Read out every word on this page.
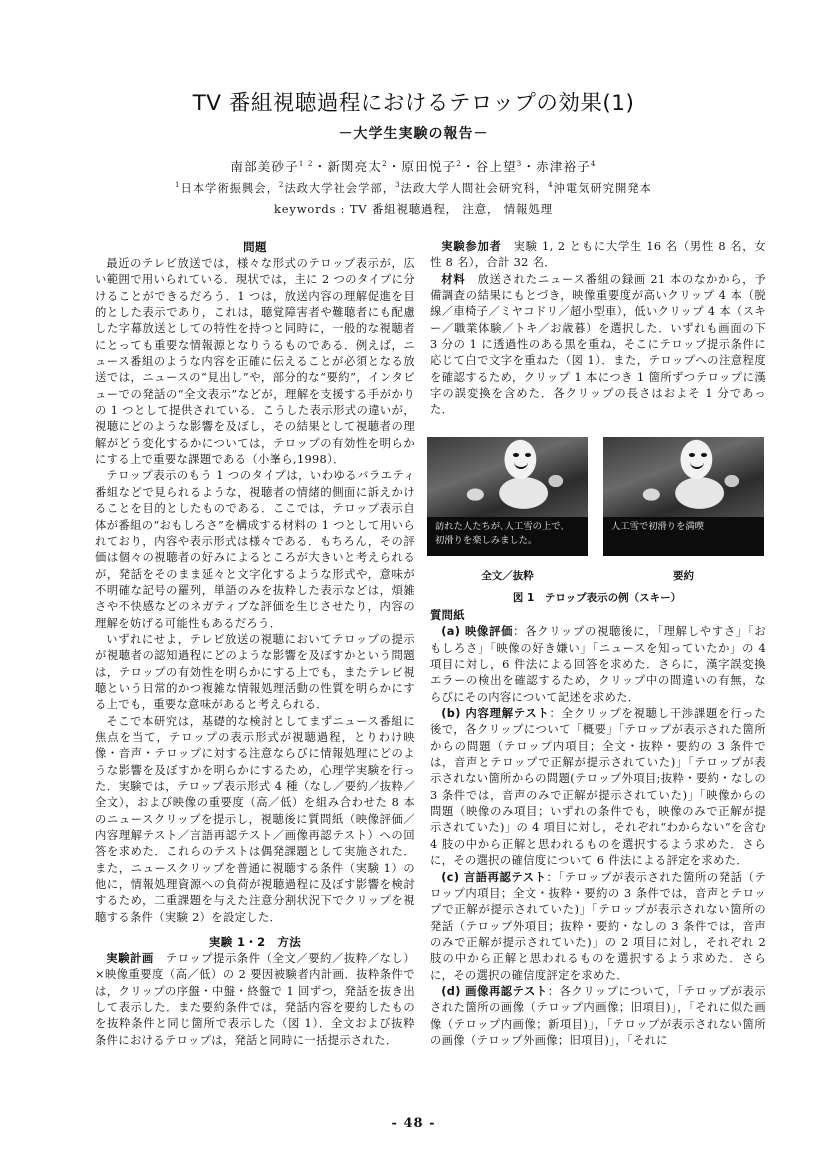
TV 番組視聴過程におけるテロップの効果(1)
－大学生実験の報告－
南部美砂子$^{1 2}$・新関亮太$^2$・原田悦子$^2$・谷上望$^3$・赤津裕子$^4$
$^1$日本学術振興会，$^2$法政大学社会学部，$^3$法政大学人間社会研究科，$^4$沖電気研究開発本
keywords : TV 番組視聴過程， 注意， 情報処理
問題

最近のテレビ放送では，様々な形式のテロップ表示が，広い範囲で用いられている．現状では，主に 2 つのタイプに分けることができるだろう．1 つは，放送内容の理解促進を目的とした表示であり，これは，聴覚障害者や難聴者にも配慮した字幕放送としての特性を持つと同時に，一般的な視聴者にとっても重要な情報源となりうるものである．例えば，ニュース番組のような内容を正確に伝えることが必須となる放送では，ニュースの“見出し”や，部分的な“要約”，インタビューでの発話の“全文表示”などが，理解を支援する手がかりの 1 つとして提供されている．こうした表示形式の違いが，視聴にどのような影響を及ぼし，その結果として視聴者の理解がどう変化するかについては，テロップの有効性を明らかにする上で重要な課題である（小峯ら,1998）．

テロップ表示のもう 1 つのタイプは，いわゆるバラエティ番組などで見られるような，視聴者の情緒的側面に訴えかけることを目的としたものである．ここでは，テロップ表示自体が番組の“おもしろさ”を構成する材料の 1 つとして用いられており，内容や表示形式は様々である．もちろん，その評価は個々の視聴者の好みによるところが大きいと考えられるが，発話をそのまま延々と文字化するような形式や，意味が不明確な記号の羅列，単語のみを抜粋した表示などは，煩雑さや不快感などのネガティブな評価を生じさせたり，内容の理解を妨げる可能性もあるだろう．

いずれにせよ，テレビ放送の視聴においてテロップの提示が視聴者の認知過程にどのような影響を及ぼすかという問題は，テロップの有効性を明らかにする上でも，またテレビ視聴という日常的かつ複雑な情報処理活動の性質を明らかにする上でも，重要な意味があると考えられる．

そこで本研究は，基礎的な検討としてまずニュース番組に焦点を当て，テロップの表示形式が視聴過程，とりわけ映像・音声・テロップに対する注意ならびに情報処理にどのような影響を及ぼすかを明らかにするため，心理学実験を行った．実験では，テロップ表示形式 4 種（なし／要約／抜粋／全文），および映像の重要度（高／低）を組み合わせた 8 本のニュースクリップを提示し，視聴後に質問紙（映像評価／内容理解テスト／言語再認テスト／画像再認テスト）への回答を求めた．これらのテストは偶発課題として実施された．また，ニュースクリップを普通に視聴する条件（実験 1）の他に，情報処理資源への負荷が視聴過程に及ぼす影響を検討するため，二重課題を与えた注意分割状況下でクリップを視聴する条件（実験 2）を設定した．

実験 1・2　方法

実験計画　テロップ提示条件（全文／要約／抜粋／なし）×映像重要度（高／低）の 2 要因被験者内計画．抜粋条件では，クリップの序盤・中盤・終盤で 1 回ずつ，発話を抜き出して表示した．また要約条件では，発話内容を要約したものを抜粋条件と同じ箇所で表示した（図 1）．全文および抜粋条件におけるテロップは，発話と同時に一括提示された．

実験参加者　実験 1, 2 ともに大学生 16 名（男性 8 名，女性 8 名），合計 32 名．

材料　放送されたニュース番組の録画 21 本のなかから，予備調査の結果にもとづき，映像重要度が高いクリップ 4 本（脱線／車椅子／ミヤコドリ／超小型車），低いクリップ 4 本（スキー／職業体験／トキ／お歳暮）を選択した．いずれも画面の下 3 分の 1 に透過性のある黒を重ね，そこにテロップ提示条件に応じて白で文字を重ねた（図 1）．また，テロップへの注意程度を確認するため，クリップ 1 本につき 1 箇所ずつテロップに漢字の誤変換を含めた．各クリップの長さはおよそ 1 分であった．

訪れた人たちが､人工雪の上で､
初滑りを楽しみました｡
人工雪で初滑りを満喫
全文／抜粋	要約
図 1　テロップ表示の例（スキー）

質問紙

(a) 映像評価：各クリップの視聴後に，「理解しやすさ」「おもしろさ」「映像の好き嫌い」「ニュースを知っていたか」の 4 項目に対し，6 件法による回答を求めた．さらに，漢字誤変換エラーの検出を確認するため，クリップ中の間違いの有無，ならびにその内容について記述を求めた．

(b) 内容理解テスト：全クリップを視聴し干渉課題を行った後で，各クリップについて「概要」「テロップが表示された箇所からの問題（テロップ内項目；全文・抜粋・要約の 3 条件では，音声とテロップで正解が提示されていた)」「テロップが表示されない箇所からの問題(テロップ外項目;抜粋・要約・なしの 3 条件では，音声のみで正解が提示されていた)」「映像からの問題（映像のみ項目；いずれの条件でも，映像のみで正解が提示されていた)」の 4 項目に対し，それぞれ“わからない”を含む 4 肢の中から正解と思われるものを選択するよう求めた．さらに，その選択の確信度について 6 件法による評定を求めた．

(c) 言語再認テスト：「テロップが表示された箇所の発話（テロップ内項目；全文・抜粋・要約の 3 条件では，音声とテロップで正解が提示されていた)」「テロップが表示されない箇所の発話（テロップ外項目；抜粋・要約・なしの 3 条件では，音声のみで正解が提示されていた)」の 2 項目に対し，それぞれ 2 肢の中から正解と思われるものを選択するよう求めた．さらに，その選択の確信度評定を求めた．

(d) 画像再認テスト：各クリップについて，「テロップが表示された箇所の画像（テロップ内画像；旧項目)」，「それに似た画像（テロップ内画像；新項目)」，「テロップが表示されない箇所の画像（テロップ外画像；旧項目)」，「それに

- 48 -
